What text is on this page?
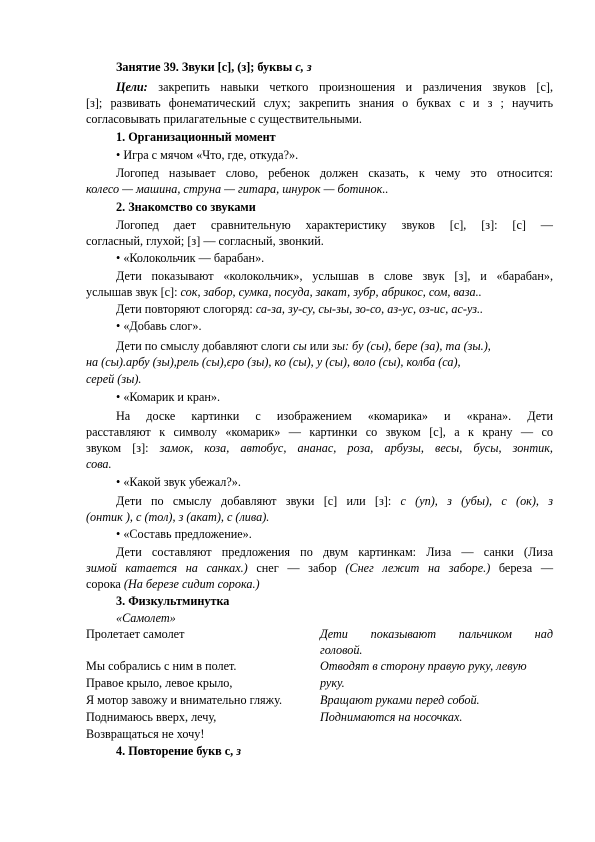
Занятие 39. Звуки [с], (з]; буквы с, з
Цели: закрепить навыки четкого произношения и различения звуков [с],
[з]; развивать фонематический слух; закрепить знания о буквах с и з ; научить
согласовывать прилагательные с существительными.
1. Организационный момент
• Игра с мячом «Что, где, откуда?».
Логопед называет слово, ребенок должен сказать, к чему это относится:
колесо — машина, струна — гитара, шнурок — ботинок..
2. Знакомство со звуками
Логопед дает сравнительную характеристику звуков [с], [з]: [с] —
согласный, глухой; [з] — согласный, звонкий.
• «Колокольчик — барабан».
Дети показывают «колокольчик», услышав в слове звук [з], и «барабан»,
услышав звук [с]: сок, забор, сумка, посуда, закат, зубр, абрикос, сом, ваза..
Дети повторяют слогоряд: са-за, зу-су, сы-зы, зо-со, аз-ус, оз-ис, ас-уз..
• «Добавь слог».
Дети по смыслу добавляют слоги сы или зы: бу (сы), бере (за), та (зы.),
на (сы).арбу (зы),рель (сы),єро (зы), ко (сы), у (сы), воло (сы), колба (са),
серей (зы).
• «Комарик и кран».
На доске картинки с изображением «комарика» и «крана». Дети
расставляют к символу «комарик» — картинки со звуком [с], а к крану — со
звуком [з]: замок, коза, автобус, ананас, роза, арбузы, весы, бусы, зонтик,
сова.
• «Какой звук убежал?».
Дети по смыслу добавляют звуки [с] или [з]: с (уп), з (убы), с (ок), з
(онтик ), с (тол), з (акат), с (лива).
• «Составь предложение».
Дети составляют предложения по двум картинкам: Лиза — санки (Лиза
зимой катается на санках.) снег — забор (Снег лежит на заборе.) береза —
сорока (На березе сидит сорока.)
3. Физкультминутка
«Самолет»
Пролетает самолет	Дети показывают пальчиком над
головой.
Мы собрались с ним в полет.	Отводят в сторону правую руку, левую
Правое крыло, левое крыло,	руку.
Я мотор завожу и внимательно гляжу.	Вращают руками перед собой.
Поднимаюсь вверх, лечу,	Поднимаются на носочках.
Возвращаться не хочу!
4. Повторение букв с, з
